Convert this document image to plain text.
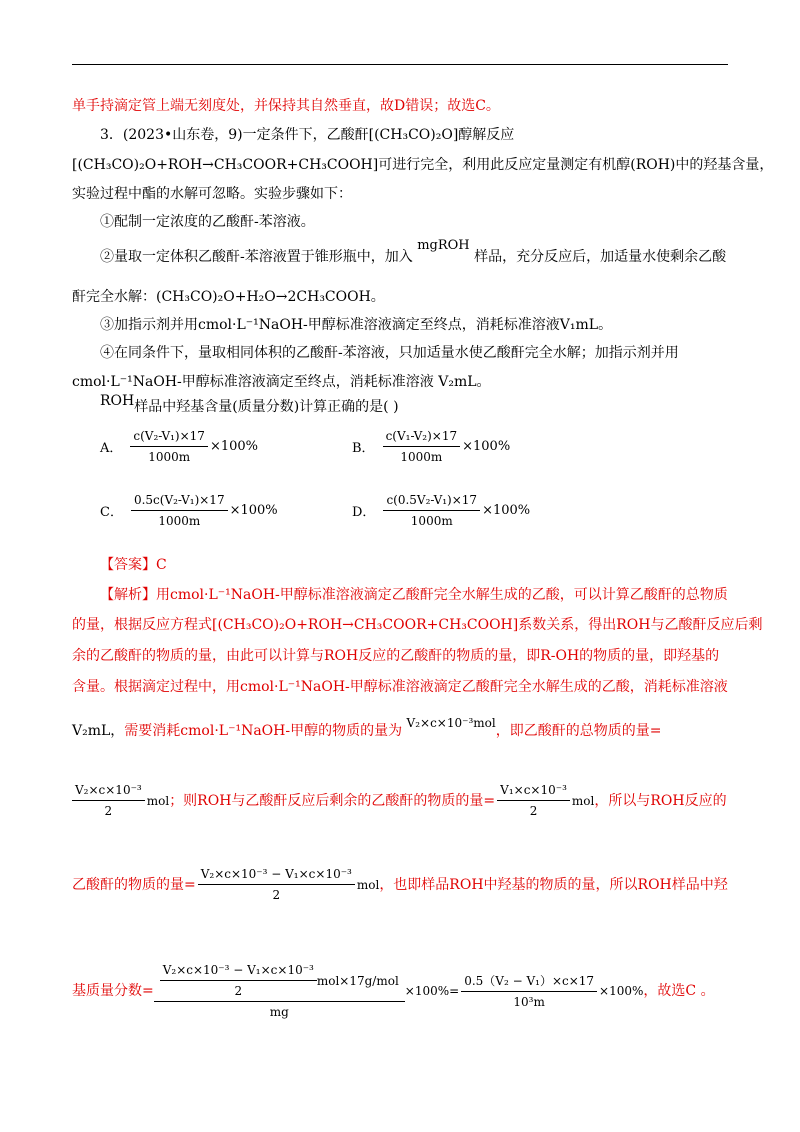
单手持滴定管上端无刻度处，并保持其自然垂直，故D错误；故选C。
3．(2023•山东卷，9)一定条件下，乙酸酐[(CH₃CO)₂O]醇解反应
[(CH₃CO)₂O+ROH→CH₃COOR+CH₃COOH]可进行完全，利用此反应定量测定有机醇(ROH)中的羟基含量，
实验过程中酯的水解可忽略。实验步骤如下：
①配制一定浓度的乙酸酐-苯溶液。
②量取一定体积乙酸酐-苯溶液置于锥形瓶中，加入 mgROH 样品，充分反应后，加适量水使剩余乙酸
酐完全水解：(CH₃CO)₂O+H₂O→2CH₃COOH。
③加指示剂并用cmol·L⁻¹NaOH-甲醇标准溶液滴定至终点，消耗标准溶液V₁mL。
④在同条件下，量取相同体积的乙酸酐-苯溶液，只加适量水使乙酸酐完全水解；加指示剂并用
cmol·L⁻¹NaOH-甲醇标准溶液滴定至终点，消耗标准溶液 V₂mL。
ROH样品中羟基含量(质量分数)计算正确的是( )
A． $\frac{\text{c(V₂-V₁)×17}}{1000m} \times 100\%$	B． $\frac{\text{c(V₁-V₂)×17}}{1000m} \times 100\%$
C． $\frac{\text{0.5c(V₂-V₁)×17}}{1000m} \times 100\%$	D． $\frac{\text{c(0.5V₂-V₁)×17}}{1000m} \times 100\%$
【答案】C
【解析】用cmol·L⁻¹NaOH-甲醇标准溶液滴定乙酸酐完全水解生成的乙酸，可以计算乙酸酐的总物质
的量，根据反应方程式[(CH₃CO)₂O+ROH→CH₃COOR+CH₃COOH]系数关系，得出ROH与乙酸酐反应后剩
余的乙酸酐的物质的量，由此可以计算与ROH反应的乙酸酐的物质的量，即R-OH的物质的量，即羟基的
含量。根据滴定过程中，用cmol·L⁻¹NaOH-甲醇标准溶液滴定乙酸酐完全水解生成的乙酸，消耗标准溶液
V₂mL，需要消耗cmol·L⁻¹NaOH-甲醇的物质的量为 V₂×c×10⁻³mol，即乙酸酐的总物质的量=
$\frac{\text{V₂×c×10⁻³}}{2}$ mol ；则ROH与乙酸酐反应后剩余的乙酸酐的物质的量= $\frac{\text{V₁×c×10⁻³}}{2}$ mol ，所以与ROH反应的
乙酸酐的物质的量= $\frac{\text{V₂×c×10⁻³ − V₁×c×10⁻³}}{2}$ mol ，也即样品ROH中羟基的物质的量，所以ROH样品中羟
基质量分数= $\frac{\frac{\text{V₂×c×10⁻³ − V₁×c×10⁻³}}{2} mol\times 17g/mol}{mg} \times 100\%= \frac{\text{0.5（V₂ − V₁）×c×17}}{\text{10³m}} \times 100\%$ ，故选C 。
